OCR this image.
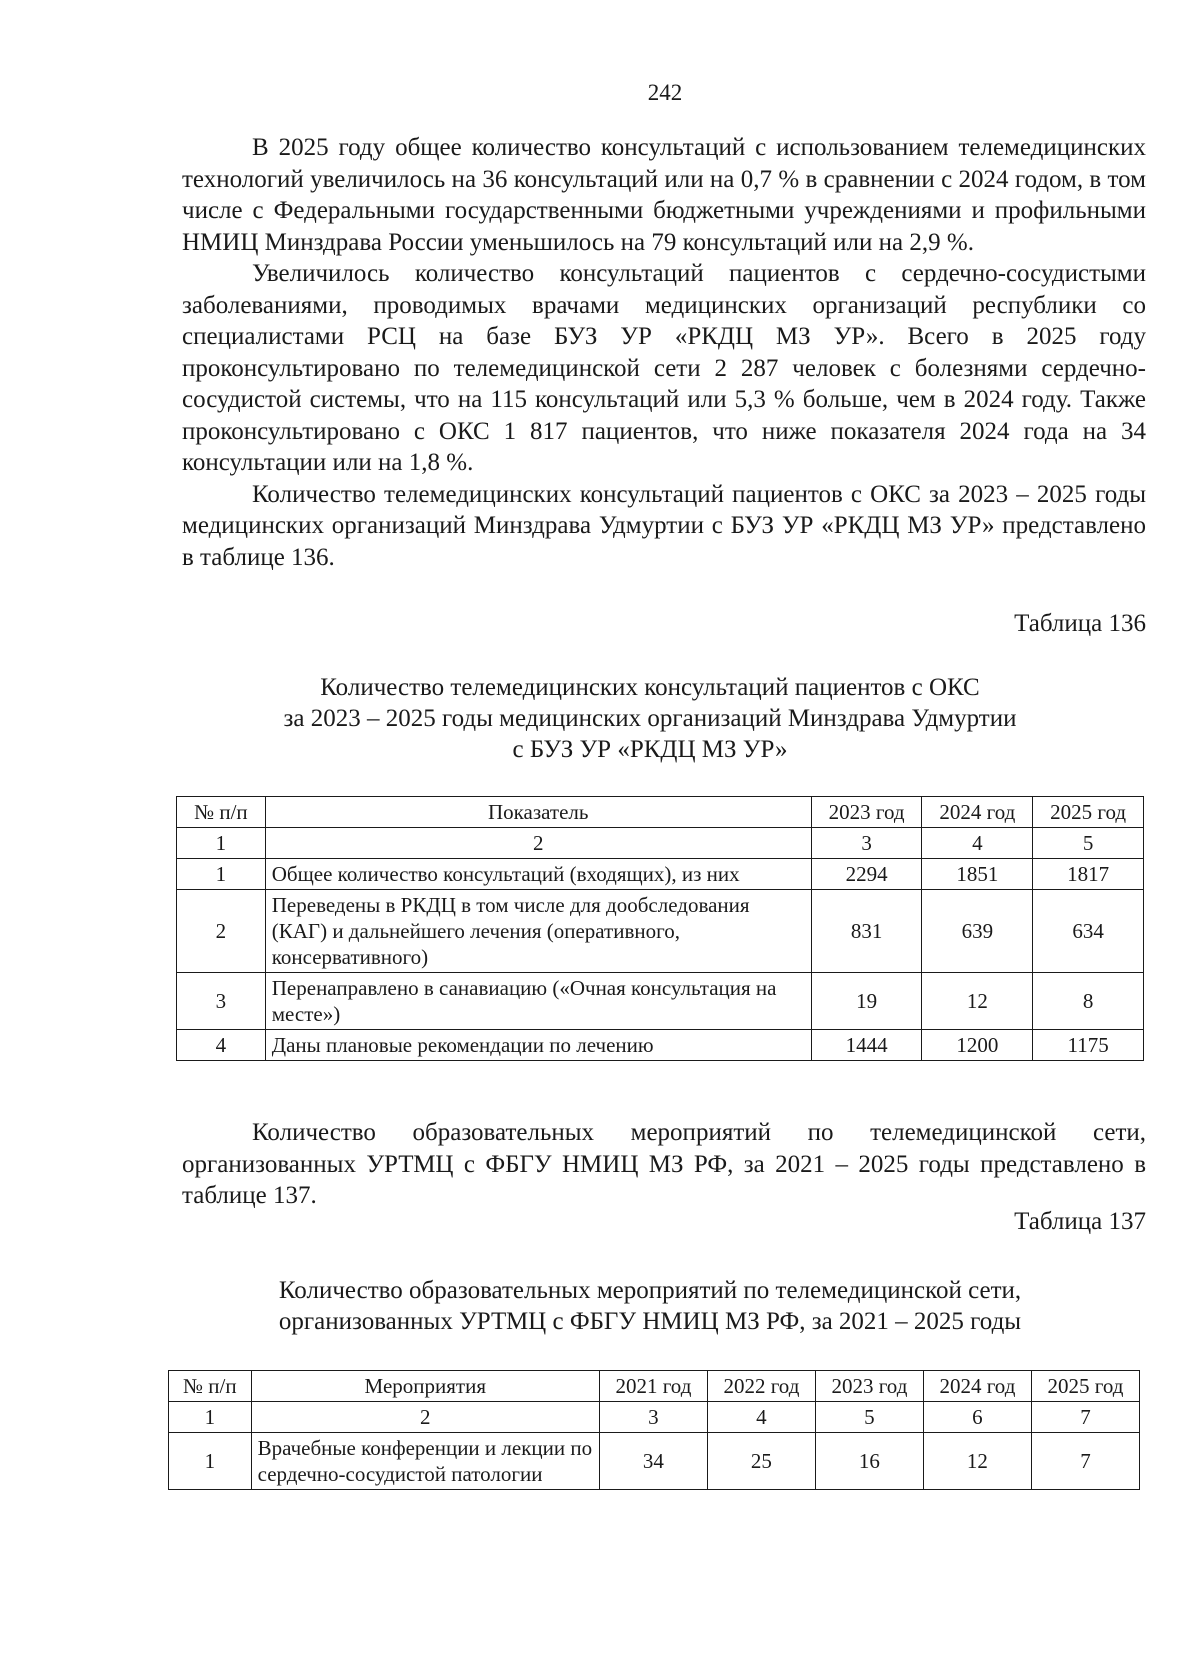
242

В 2025 году общее количество консультаций с использованием телемедицинских технологий увеличилось на 36 консультаций или на 0,7 % в сравнении с 2024 годом, в том числе с Федеральными государственными бюджетными учреждениями и профильными НМИЦ Минздрава России уменьшилось на 79 консультаций или на 2,9 %.

Увеличилось количество консультаций пациентов с сердечно-сосудистыми заболеваниями, проводимых врачами медицинских организаций республики со специалистами РСЦ на базе БУЗ УР «РКДЦ МЗ УР». Всего в 2025 году проконсультировано по телемедицинской сети 2 287 человек с болезнями сердечно-сосудистой системы, что на 115 консультаций или 5,3 % больше, чем в 2024 году. Также проконсультировано с ОКС 1 817 пациентов, что ниже показателя 2024 года на 34 консультации или на 1,8 %.

Количество телемедицинских консультаций пациентов с ОКС за 2023 – 2025 годы медицинских организаций Минздрава Удмуртии с БУЗ УР «РКДЦ МЗ УР» представлено в таблице 136.

Таблица 136
Количество телемедицинских консультаций пациентов с ОКС
за 2023 – 2025 годы медицинских организаций Минздрава Удмуртии
с БУЗ УР «РКДЦ МЗ УР»
№ п/п	Показатель	2023 год	2024 год	2025 год
1	2	3	4	5
1	Общее количество консультаций (входящих), из них	2294	1851	1817
2	Переведены в РКДЦ в том числе для дообследования (КАГ) и дальнейшего лечения (оперативного, консервативного)	831	639	634
3	Перенаправлено в санавиацию («Очная консультация на месте»)	19	12	8
4	Даны плановые рекомендации по лечению	1444	1200	1175

Количество образовательных мероприятий по телемедицинской сети, организованных УРТМЦ с ФБГУ НМИЦ МЗ РФ, за 2021 – 2025 годы представлено в таблице 137.

Таблица 137
Количество образовательных мероприятий по телемедицинской сети,
организованных УРТМЦ с ФБГУ НМИЦ МЗ РФ, за 2021 – 2025 годы
№ п/п	Мероприятия	2021 год	2022 год	2023 год	2024 год	2025 год
1	2	3	4	5	6	7
1	Врачебные конференции и лекции по сердечно-сосудистой патологии	34	25	16	12	7
